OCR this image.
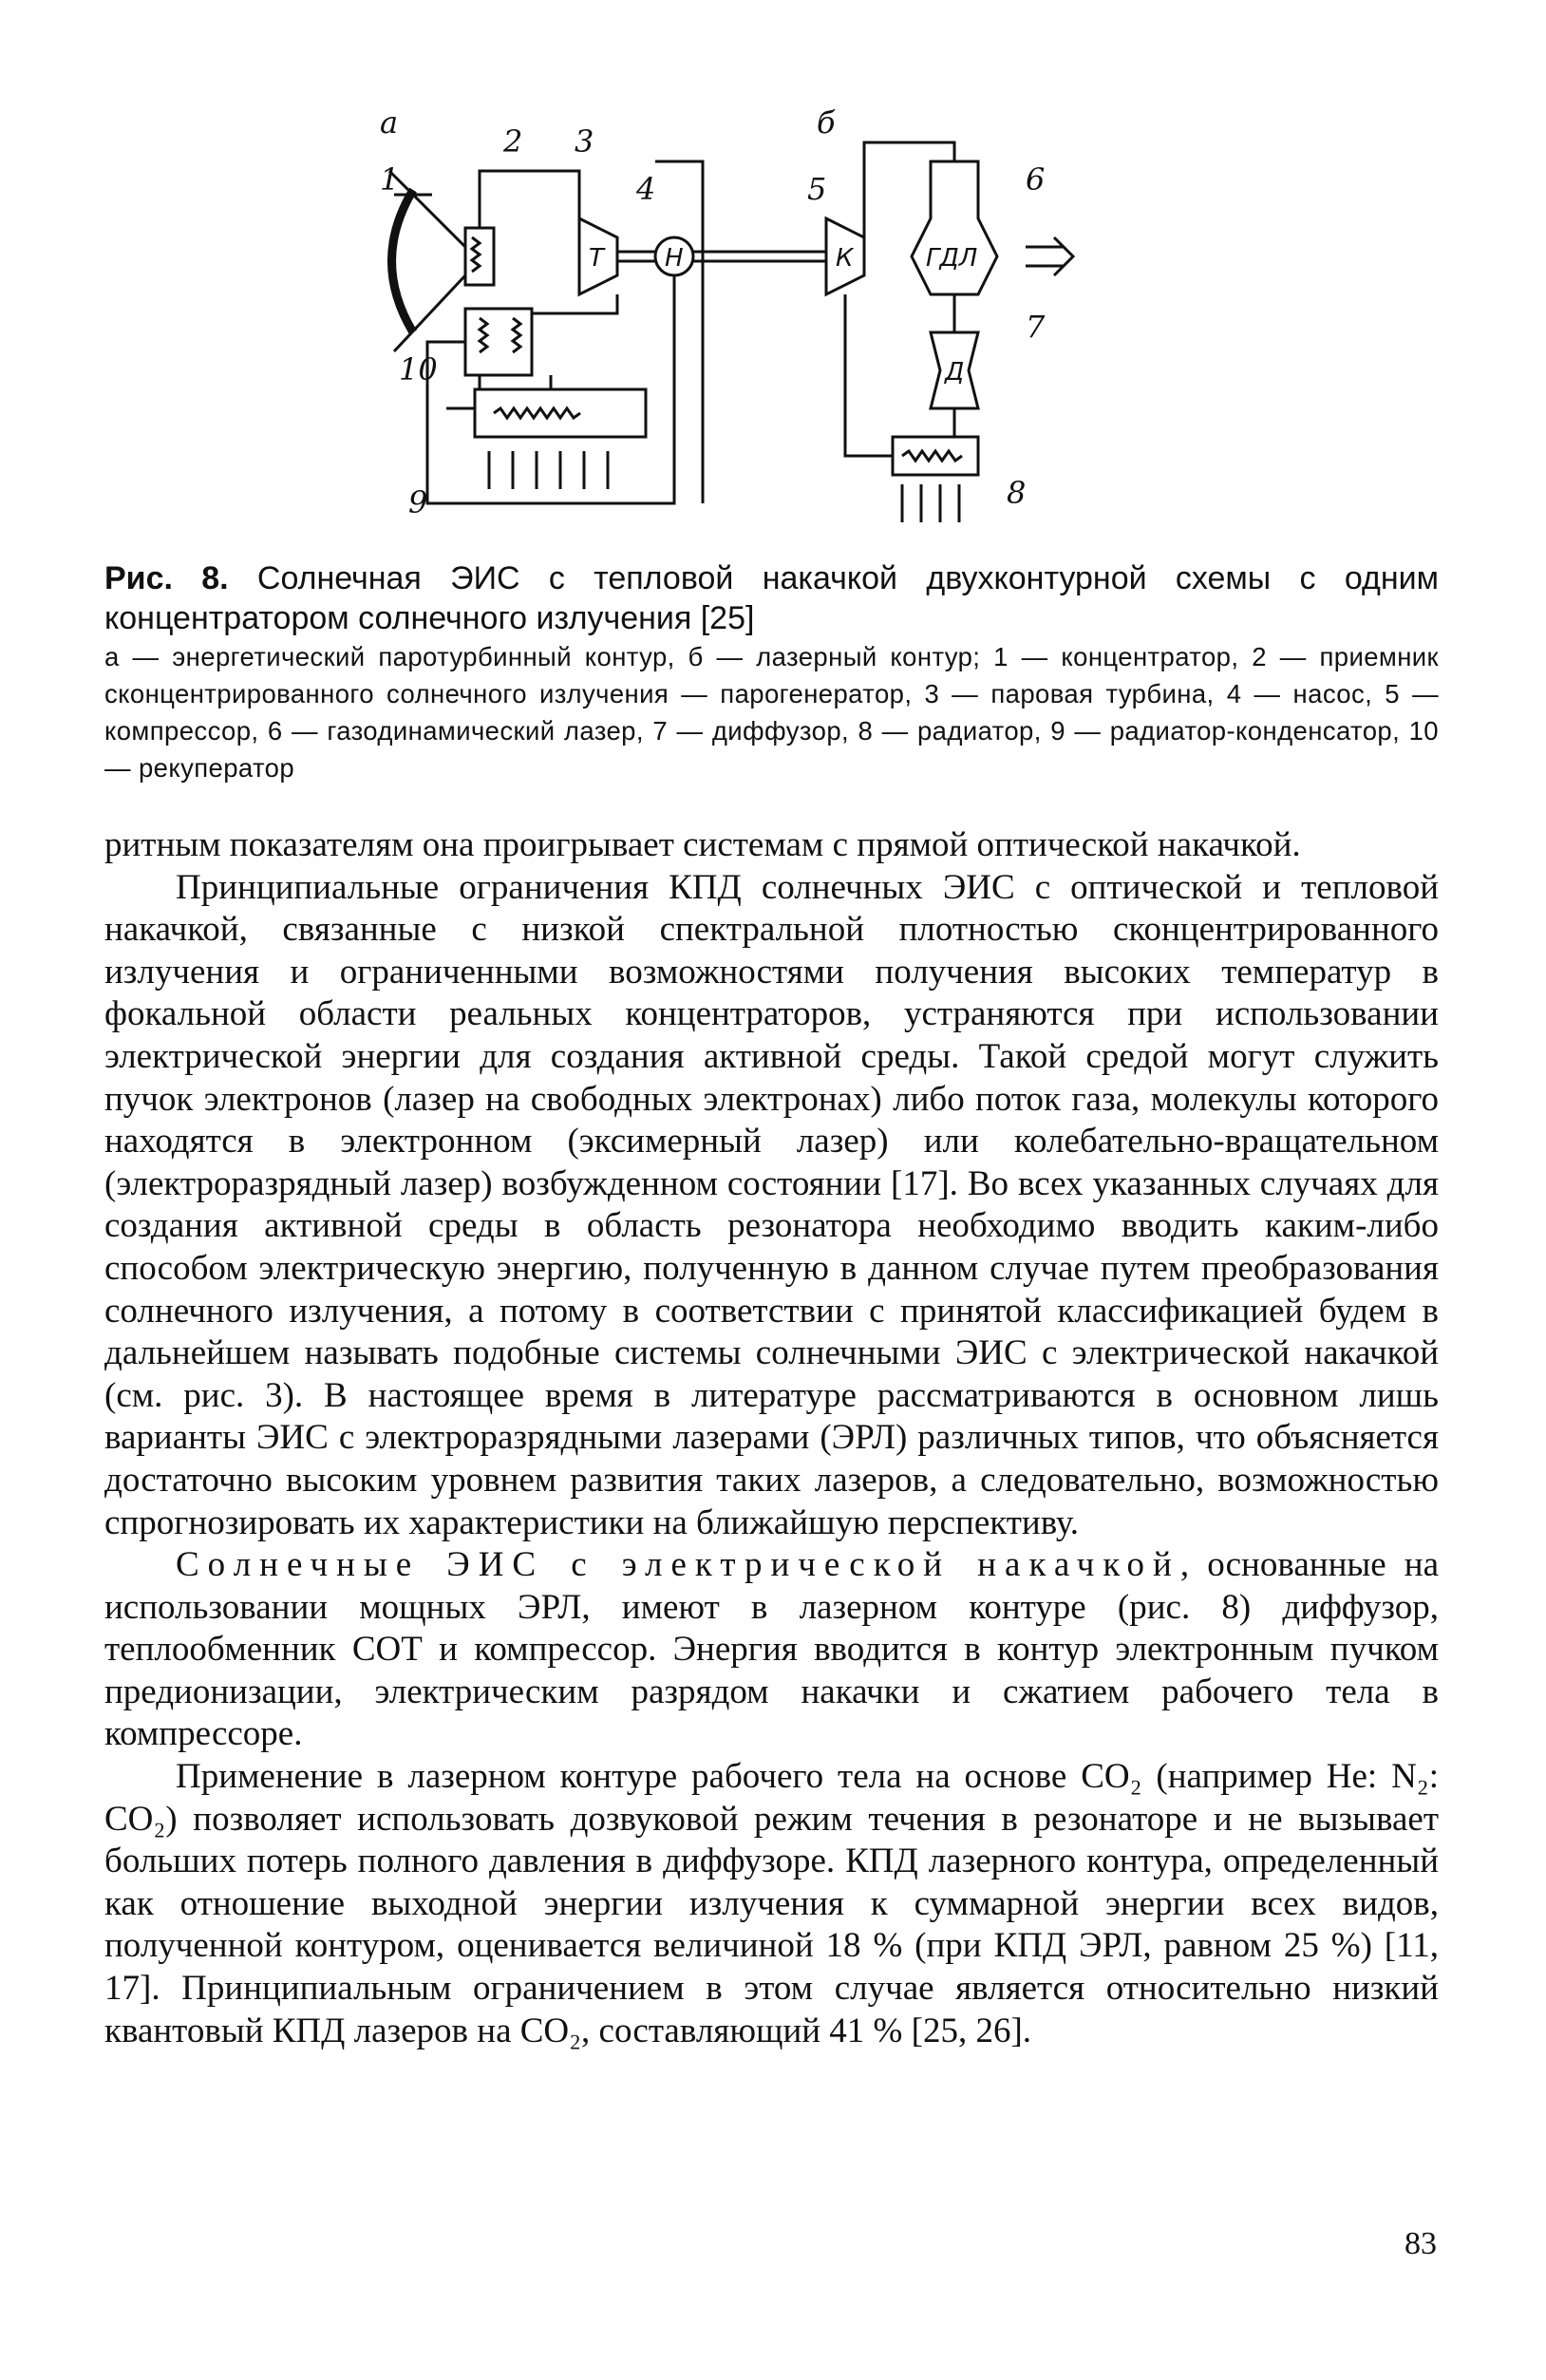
а	б
1
2 3
4	5	6
7
8
9
10
Т Н	К	ГДЛ
Д
Рис. 8. Солнечная ЭИС с тепловой накачкой двухконтурной схемы с одним концентратором солнечного излучения [25]
а — энергетический паротурбинный контур, б — лазерный контур; 1 — концентратор, 2 — приемник сконцентрированного солнечного излучения — парогенератор, 3 — паровая турбина, 4 — насос, 5 — компрессор, 6 — газодинамический лазер, 7 — диффузор, 8 — радиатор, 9 — радиатор-конденсатор, 10 — рекуператор

ритным показателям она проигрывает системам с прямой оптической накачкой.

Принципиальные ограничения КПД солнечных ЭИС с оптической и тепловой накачкой, связанные с низкой спектральной плотностью сконцентрированного излучения и ограниченными возможностями получения высоких температур в фокальной области реальных концентраторов, устраняются при использовании электрической энергии для создания активной среды. Такой средой могут служить пучок электронов (лазер на свободных электронах) либо поток газа, молекулы которого находятся в электронном (эксимерный лазер) или колебательно-вращательном (электроразрядный лазер) возбужденном состоянии [17]. Во всех указанных случаях для создания активной среды в область резонатора необходимо вводить каким-либо способом электрическую энергию, полученную в данном случае путем преобразования солнечного излучения, а потому в соответствии с принятой классификацией будем в дальнейшем называть подобные системы солнечными ЭИС с электрической накачкой (см. рис. 3). В настоящее время в литературе рассматриваются в основном лишь варианты ЭИС с электроразрядными лазерами (ЭРЛ) различных типов, что объясняется достаточно высоким уровнем развития таких лазеров, а следовательно, возможностью спрогнозировать их характеристики на ближайшую перспективу.

Солнечные ЭИС с электрической накачкой, основанные на использовании мощных ЭРЛ, имеют в лазерном контуре (рис. 8) диффузор, теплообменник СОТ и компрессор. Энергия вводится в контур электронным пучком предионизации, электрическим разрядом накачки и сжатием рабочего тела в компрессоре.

Применение в лазерном контуре рабочего тела на основе CO₂ (например He: N₂: CO₂) позволяет использовать дозвуковой режим течения в резонаторе и не вызывает больших потерь полного давления в диффузоре. КПД лазерного контура, определенный как отношение выходной энергии излучения к суммарной энергии всех видов, полученной контуром, оценивается величиной 18 % (при КПД ЭРЛ, равном 25 %) [11, 17]. Принципиальным ограничением в этом случае является относительно низкий квантовый КПД лазеров на CO₂, составляющий 41 % [25, 26].

83
